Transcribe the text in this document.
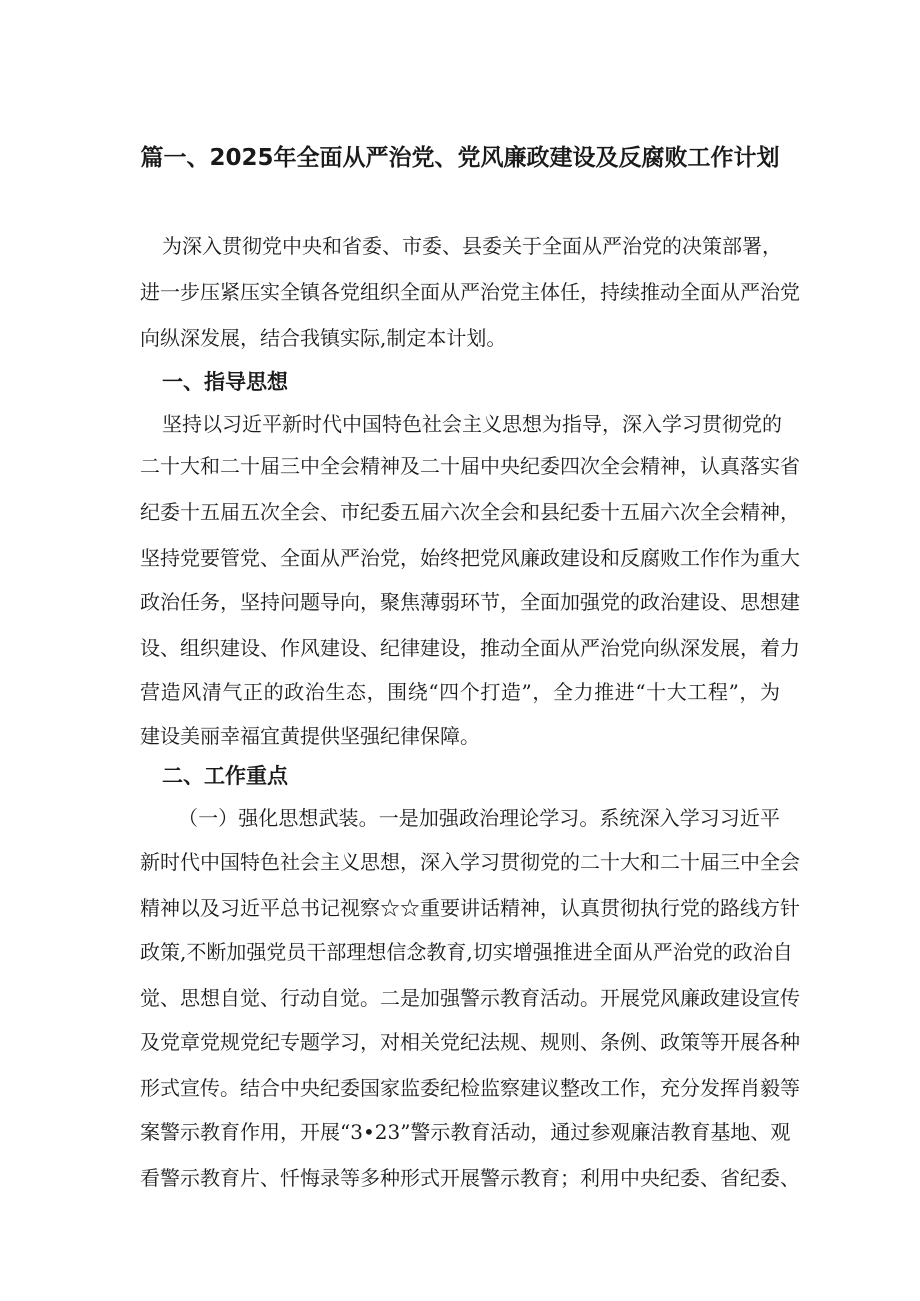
篇一、2025年全面从严治党、党风廉政建设及反腐败工作计划
为深入贯彻党中央和省委、市委、县委关于全面从严治党的决策部署，
进一步压紧压实全镇各党组织全面从严治党主体任，持续推动全面从严治党
向纵深发展，结合我镇实际,制定本计划。
一、指导思想
坚持以习近平新时代中国特色社会主义思想为指导，深入学习贯彻党的
二十大和二十届三中全会精神及二十届中央纪委四次全会精神，认真落实省
纪委十五届五次全会、市纪委五届六次全会和县纪委十五届六次全会精神，
坚持党要管党、全面从严治党，始终把党风廉政建设和反腐败工作作为重大
政治任务，坚持问题导向，聚焦薄弱环节，全面加强党的政治建设、思想建
设、组织建设、作风建设、纪律建设，推动全面从严治党向纵深发展，着力
营造风清气正的政治生态，围绕“四个打造”，全力推进“十大工程”，为
建设美丽幸福宜黄提供坚强纪律保障。
二、工作重点
（一）强化思想武装。一是加强政治理论学习。系统深入学习习近平
新时代中国特色社会主义思想，深入学习贯彻党的二十大和二十届三中全会
精神以及习近平总书记视察☆☆重要讲话精神，认真贯彻执行党的路线方针
政策,不断加强党员干部理想信念教育,切实增强推进全面从严治党的政治自
觉、思想自觉、行动自觉。二是加强警示教育活动。开展党风廉政建设宣传
及党章党规党纪专题学习，对相关党纪法规、规则、条例、政策等开展各种
形式宣传。结合中央纪委国家监委纪检监察建议整改工作，充分发挥肖毅等
案警示教育作用，开展“3•23”警示教育活动，通过参观廉洁教育基地、观
看警示教育片、忏悔录等多种形式开展警示教育；利用中央纪委、省纪委、
